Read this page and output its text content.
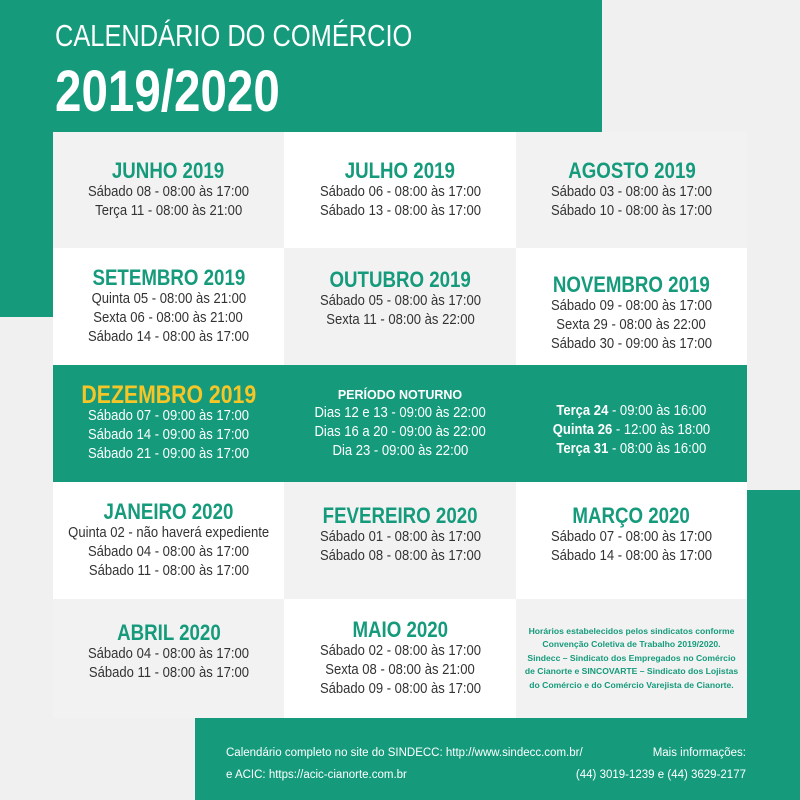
CALENDÁRIO DO COMÉRCIO
2019/2020
JUNHO 2019
Sábado 08 - 08:00 às 17:00
Terça 11 - 08:00 às 21:00
JULHO 2019
Sábado 06 - 08:00 às 17:00
Sábado 13 - 08:00 às 17:00
AGOSTO 2019
Sábado 03 - 08:00 às 17:00
Sábado 10 - 08:00 às 17:00
SETEMBRO 2019
Quinta 05 - 08:00 às 21:00
Sexta 06 - 08:00 às 21:00
Sábado 14 - 08:00 às 17:00
OUTUBRO 2019
Sábado 05 - 08:00 às 17:00
Sexta 11 - 08:00 às 22:00
NOVEMBRO 2019
Sábado 09 - 08:00 às 17:00
Sexta 29 - 08:00 às 22:00
Sábado 30 - 09:00 às 17:00
DEZEMBRO 2019
Sábado 07 - 09:00 às 17:00
Sábado 14 - 09:00 às 17:00
Sábado 21 - 09:00 às 17:00
PERÍODO NOTURNO
Dias 12 e 13 - 09:00 às 22:00
Dias 16 a 20 - 09:00 às 22:00
Dia 23 - 09:00 às 22:00
Terça 24 - 09:00 às 16:00
Quinta 26 - 12:00 às 18:00
Terça 31 - 08:00 às 16:00
JANEIRO 2020
Quinta 02 - não haverá expediente
Sábado 04 - 08:00 às 17:00
Sábado 11 - 08:00 às 17:00
FEVEREIRO 2020
Sábado 01 - 08:00 às 17:00
Sábado 08 - 08:00 às 17:00
MARÇO 2020
Sábado 07 - 08:00 às 17:00
Sábado 14 - 08:00 às 17:00
ABRIL 2020
Sábado 04 - 08:00 às 17:00
Sábado 11 - 08:00 às 17:00
MAIO 2020
Sábado 02 - 08:00 às 17:00
Sexta 08 - 08:00 às 21:00
Sábado 09 - 08:00 às 17:00
Horários estabelecidos pelos sindicatos conforme
Convenção Coletiva de Trabalho 2019/2020.
Sindecc – Sindicato dos Empregados no Comércio
de Cianorte e SINCOVARTE – Sindicato dos Lojistas
do Comércio e do Comércio Varejista de Cianorte.
Calendário completo no site do SINDECC: http://www.sindecc.com.br/
e ACIC: https://acic-cianorte.com.br
Mais informações:
(44) 3019-1239 e (44) 3629-2177
